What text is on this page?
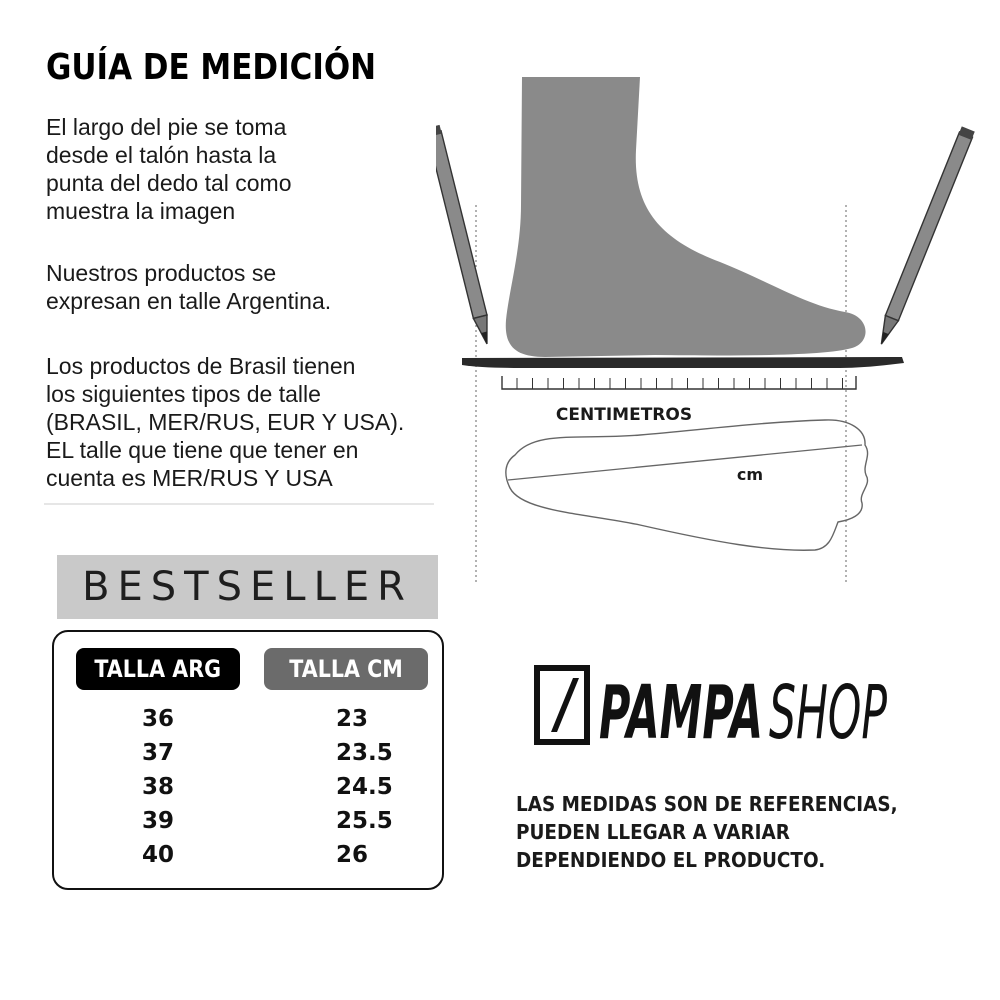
GUÍA DE MEDICIÓN

El largo del pie se toma
desde el talón hasta la
punta del dedo tal como
muestra la imagen

Nuestros productos se
expresan en talle Argentina.

Los productos de Brasil tienen
los siguientes tipos de talle
(BRASIL, MER/RUS, EUR Y USA).
EL talle que tiene que tener en
cuenta es MER/RUS Y USA

BESTSELLER
TALLA ARG	TALLA CM
36	23
37	23.5
38	24.5
39	25.5
40	26
CENTIMETROS
cm
PAMPA SHOP
LAS MEDIDAS SON DE REFERENCIAS,
PUEDEN LLEGAR A VARIAR
DEPENDIENDO EL PRODUCTO.
